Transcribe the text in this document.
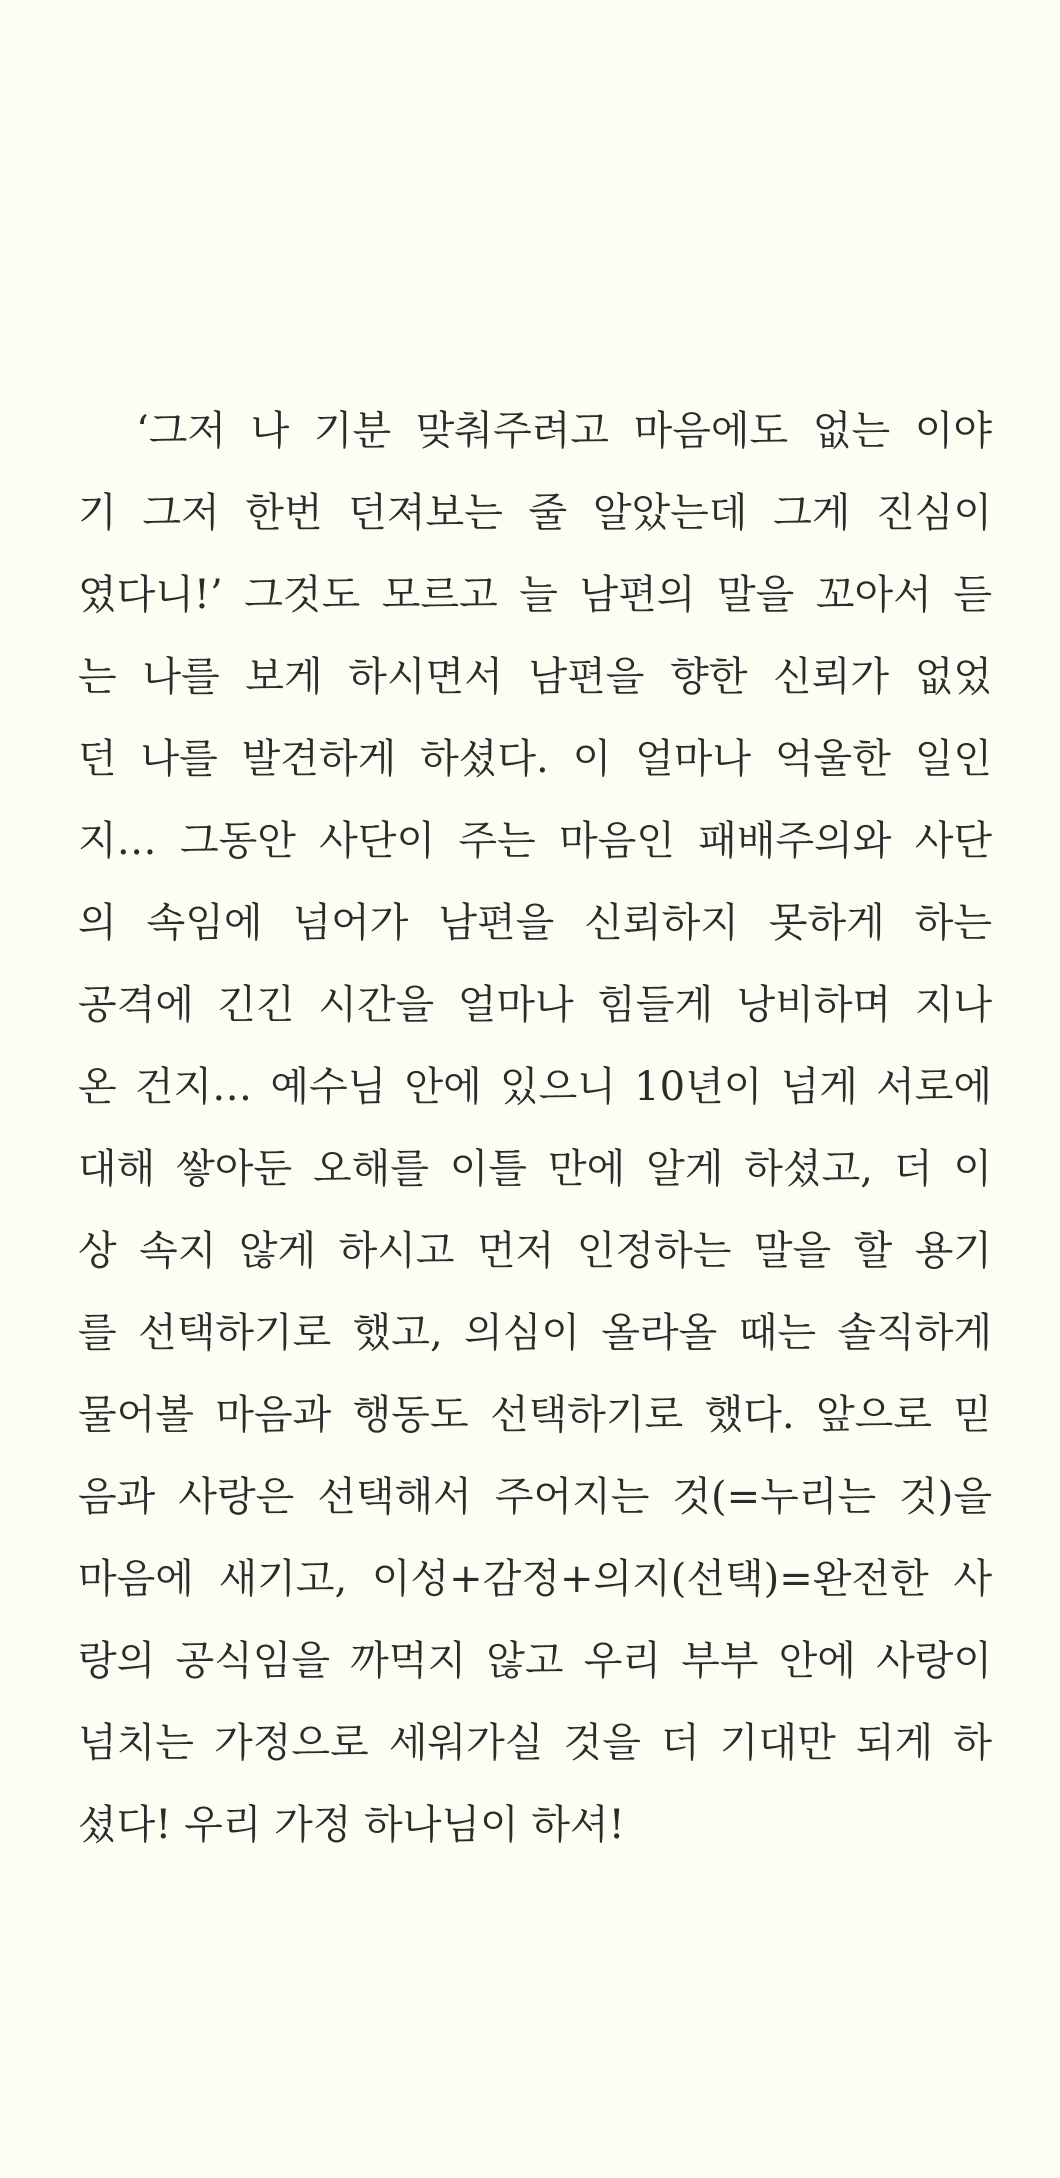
‘그저 나 기분 맞춰주려고 마음에도 없는 이야
기 그저 한번 던져보는 줄 알았는데 그게 진심이
였다니!’ 그것도 모르고 늘 남편의 말을 꼬아서 듣
는 나를 보게 하시면서 남편을 향한 신뢰가 없었
던 나를 발견하게 하셨다. 이 얼마나 억울한 일인
지… 그동안 사단이 주는 마음인 패배주의와 사단
의 속임에 넘어가 남편을 신뢰하지 못하게 하는
공격에 긴긴 시간을 얼마나 힘들게 낭비하며 지나
온 건지… 예수님 안에 있으니 10년이 넘게 서로에
대해 쌓아둔 오해를 이틀 만에 알게 하셨고, 더 이
상 속지 않게 하시고 먼저 인정하는 말을 할 용기
를 선택하기로 했고, 의심이 올라올 때는 솔직하게
물어볼 마음과 행동도 선택하기로 했다. 앞으로 믿
음과 사랑은 선택해서 주어지는 것(=누리는 것)을
마음에 새기고, 이성+감정+의지(선택)=완전한 사
랑의 공식임을 까먹지 않고 우리 부부 안에 사랑이
넘치는 가정으로 세워가실 것을 더 기대만 되게 하
셨다! 우리 가정 하나님이 하셔!
